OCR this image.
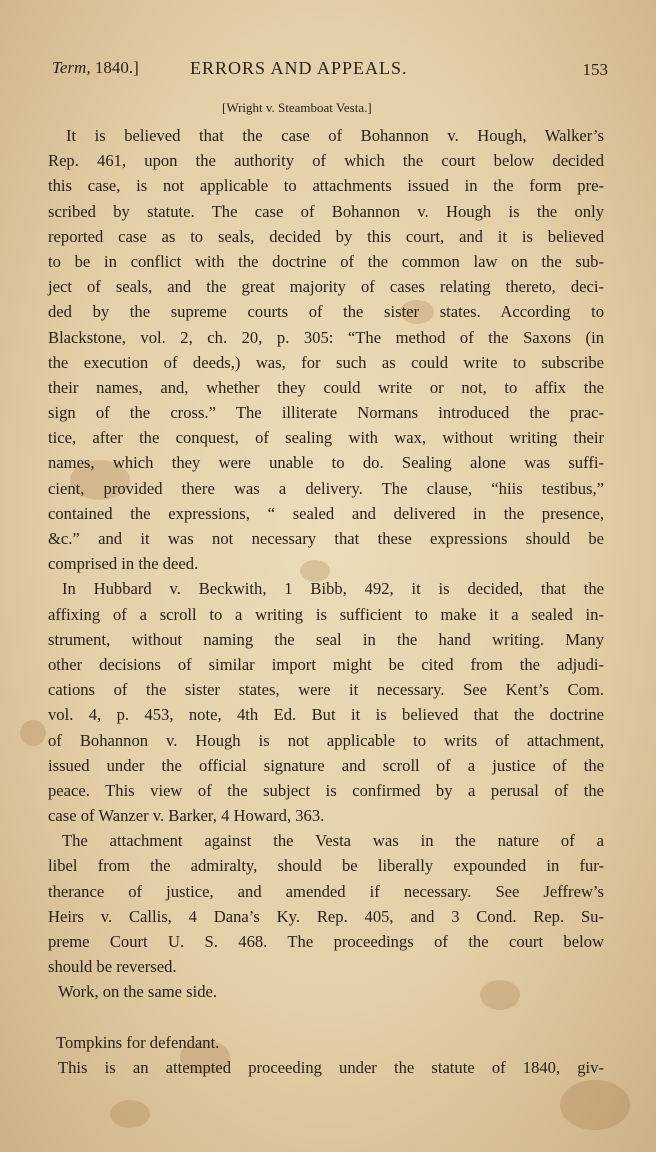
Term, 1840.]	ERRORS AND APPEALS.	153
[Wright v. Steamboat Vesta.]
It is believed that the case of Bohannon v. Hough, Walker’s
Rep. 461, upon the authority of which the court below decided
this case, is not applicable to attachments issued in the form pre-
scribed by statute. The case of Bohannon v. Hough is the only
reported case as to seals, decided by this court, and it is believed
to be in conflict with the doctrine of the common law on the sub-
ject of seals, and the great majority of cases relating thereto, deci-
ded by the supreme courts of the sister states. According to
Blackstone, vol. 2, ch. 20, p. 305: “The method of the Saxons (in
the execution of deeds,) was, for such as could write to subscribe
their names, and, whether they could write or not, to affix the
sign of the cross.” The illiterate Normans introduced the prac-
tice, after the conquest, of sealing with wax, without writing their
names, which they were unable to do. Sealing alone was suffi-
cient, provided there was a delivery. The clause, “hiis testibus,”
contained the expressions, “ sealed and delivered in the presence,
&c.” and it was not necessary that these expressions should be
comprised in the deed.
In Hubbard v. Beckwith, 1 Bibb, 492, it is decided, that the
affixing of a scroll to a writing is sufficient to make it a sealed in-
strument, without naming the seal in the hand writing. Many
other decisions of similar import might be cited from the adjudi-
cations of the sister states, were it necessary. See Kent’s Com.
vol. 4, p. 453, note, 4th Ed. But it is believed that the doctrine
of Bohannon v. Hough is not applicable to writs of attachment,
issued under the official signature and scroll of a justice of the
peace. This view of the subject is confirmed by a perusal of the
case of Wanzer v. Barker, 4 Howard, 363.
The attachment against the Vesta was in the nature of a
libel from the admiralty, should be liberally expounded in fur-
therance of justice, and amended if necessary. See Jeffrew’s
Heirs v. Callis, 4 Dana’s Ky. Rep. 405, and 3 Cond. Rep. Su-
preme Court U. S. 468. The proceedings of the court below
should be reversed.
Work, on the same side.
Tompkins for defendant.
This is an attempted proceeding under the statute of 1840, giv-
